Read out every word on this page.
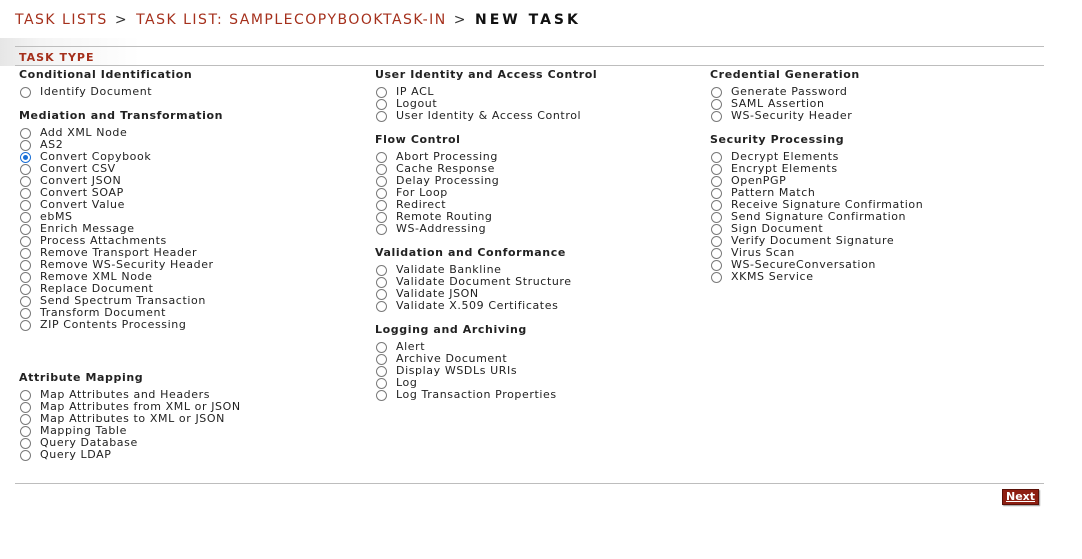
TASK LISTS > TASK LIST: SAMPLECOPYBOOKTASK-IN > NEW TASK
TASK TYPE
Conditional Identification
Identify Document
Mediation and Transformation
Add XML Node
AS2
Convert Copybook
Convert CSV
Convert JSON
Convert SOAP
Convert Value
ebMS
Enrich Message
Process Attachments
Remove Transport Header
Remove WS-Security Header
Remove XML Node
Replace Document
Send Spectrum Transaction
Transform Document
ZIP Contents Processing
Attribute Mapping
Map Attributes and Headers
Map Attributes from XML or JSON
Map Attributes to XML or JSON
Mapping Table
Query Database
Query LDAP
User Identity and Access Control
IP ACL
Logout
User Identity & Access Control
Flow Control
Abort Processing
Cache Response
Delay Processing
For Loop
Redirect
Remote Routing
WS-Addressing
Validation and Conformance
Validate Bankline
Validate Document Structure
Validate JSON
Validate X.509 Certificates
Logging and Archiving
Alert
Archive Document
Display WSDLs URIs
Log
Log Transaction Properties
Credential Generation
Generate Password
SAML Assertion
WS-Security Header
Security Processing
Decrypt Elements
Encrypt Elements
OpenPGP
Pattern Match
Receive Signature Confirmation
Send Signature Confirmation
Sign Document
Verify Document Signature
Virus Scan
WS-SecureConversation
XKMS Service
Next
